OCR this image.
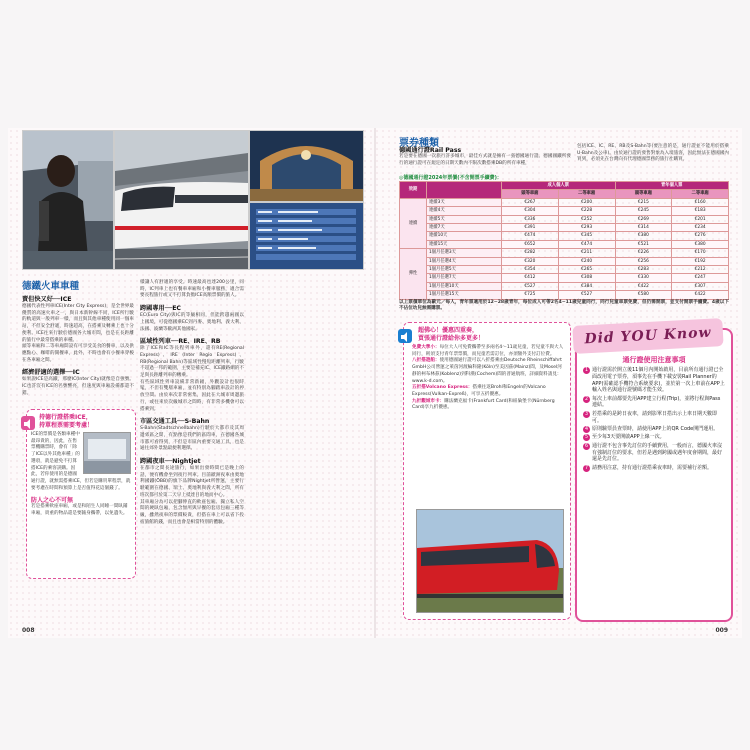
德鐵火車車種
賣但快又好──ICE
德國代表性列車ICE(Inter City Express)，是全世界最優質的高速火車之一，與日本新幹線不同，ICE所行駛的軌道與一般列車一樣，而且與其他車種使用同一個車站，不但安全舒適，時速超高，在搭乘及轉乘上也十分便利。ICE往來行駛於德國各大城市間，也是在長距離的旅行中最常搭乘的車種。
頭等車廂和二等車廂間設有可享受美食的餐車，以及供應點心、咖啡的開餐車，此外，不時也會有小餐車穿梭在各車廂之間。
經濟舒適的選擇──IC
如果說ICE是高鐵，那麼IC(Inter City)就像是自強號。IC也許沒有ICE的名號響亮，但速度與車廂設備都還不錯。
持德行證搭乘ICE，
持單程票需要考慮！
ICE的票價是各類車種中最昂貴的，因此，在售票機購票時，會有「除了ICE以外其他車種」的選項，就是避免不打算搭ICE的乘客誤購。因此，若你使用的是德國通行證，就無需搭乘ICE，但若是購買單程票，就要考慮在時間和預算上是否值得花這個錢了。
防人之心不可無
若是搭乘軟座車廂，或是和陌生人同睡一間臥鋪車廂，貴重的物品還是要隨身攜帶，以免遺失。
樣讓人有舒適的享受。時速最高也達200公里，同時，IC列車上也有餐車車廂和小餐車服務，適合需要長程旅行或又不打算負擔ICE高額票價的旅人。
跨國專用──EC
EC(Euro City)與IC的等級相同，但能跨越兩國以上國境，可從德國乘EC到丹麥、奧地利、義大利、法國、波蘭等歐洲其他國家。
區域性列車──RE、IRE、RB
除了ICE和IC等長程列車外，還有RE(Regional Express)、IRE (Inter Regio Express)、RB(Regional Bahn)等區域性慢短距離列車，行駛不超過一邦的範圍，主要是補充IC、ICE鐵路網的不足與長距離列車的轉乘。
有些區域性列車設備非常新穎，外觀設計也很時髦，不但有雙層車廂，並有特別為腳踏車設計的停放空間。由於車次非常密集，因此在大城市周邊旅行，或往來於次級城市之間時，有非常多機會可以搭乘到。
市區交通工具──S-Bahn
S-Bahn(Stadtschnellbahn)行駛於大都市及其周邊郊區之間，有點像是我們的區間車，在德國各城市都可看得到，不但是市區內重要交通工具，也是通往郊外景點最便利選擇。
跨國夜車──Nightjet
在都市之間長途旅行，如果出發時間已是晚上的話，便有機會坐到夜行列車。目前歐洲夜車由奧地利國鐵(ÖBB)的旗下品牌Nightjet所營運，主要行駛範圍在德國、瑞士、奧地利與義大利之間，所有班次都可於第二天早上抵達目的地而中心。
其車廂分為可以把腳伸直的軟座包廂、獨立私人空間的硬臥包廂，包含無所與早餐的套房包廂三種等級，雖然夜車的票價較貴，但搭在車上可以省下投宿旅館的錢，而且也會是相當特別的體驗。
008
票券種類
德國通行證Rail Pass
若是要在德國一次旅行許多城市，最佳方式就是擁有一張德國通行證。德國國鐵所發行的通行證可在規定的日期天數內不限次數搭乘DB的所有車種，
包括ICE、IC、RE、RB及S-Bahn等(要注意的是，通行證並不能用於搭乘U-Bahn及公車)。由於通行證的發售對象為入境旅客，因此無法在德國國內買到，必須先在台灣向有代理德國票務的旅行社購買。
◎德國通行證2024年票價(不含開票手續費)：
效期		成人個人票		青年個人票	
		頭等車廂	二等車廂	頭等車廂	二等車廂
連續	連續3天	€267	€200	€215	€160
	連續4天	€304	€228	€245	€183
	連續5天	€336	€252	€269	€201
	連續7天	€391	€293	€314	€234
	連續10天	€474	€345	€380	€276
	連續15天	€652	€474	€521	€380
彈性	1個月任選3天	€282	€211	€226	€170
	1個月任選4天	€320	€240	€256	€192
	1個月任選5天	€354	€265	€283	€212
	1個月任選7天	€412	€308	€330	€247
	1個月任選10天	€527	€384	€422	€307
	1個月任選15天	€725	€527	€580	€422
以上票價單位為歐元／每人，青年票適用於12~28歲青年，每位成人可帶2名4~11歲兒童同行，同行兒童車票免費，但仍需開票，並支付開票手續費。4歲以下不佔位幼兒無需購票。
超佛心！優惠四重奏，
買張通行證給你多更多！
免費大學小：每位大人可免費攜帶至多兩名4～11歲兒童，若兒童不與大人同行，則須支付青年票票價，而兒童若需訂位，亦須額外支付訂位費。
八折搭遊船：使用德國通行證可以八折搭乘由Deutsche Rheinschiffahrt GmbH公司營運之萊茵河渡輪科隆(Köln)至美因茲(Mainz)間，及Mosel河靜的柯布林茲(Koblenz)到科漢(Cochem)間的普通航班，詳細資料請見：www.k-d.com。
五折搭Volcano Express：搭乘往返Brohl和Engeln的Volcano Express(Vulkan-Expreß)，可享五折優惠。
九折觀城市卡：購法蘭克福卡(Frankfurt Card)和紐倫堡卡(Nürnberg Card)享九折優惠。
Did YOU Know
通行證使用注意事項
1 通行證需於開立後11個月內開始啟用，目前所有通行證已全面改用電子票券，須事先在手機下載安裝Rail Planner的APP(需確認手機符合系統要求)，並於第一次上車前在APP上輸入姓名與通行證號碼才能生效。
2 每次上車前都要先用APP建立行程(Trip)，並將行程與Pass連結。
3 若搭乘的是跨日夜車，請到影單日搭出示上車日期天數即可。
4 原則驗票員查票時，請使用APP上的QR Code開門運用。
5 至少每3天要開啟APP上線一次。
6 通行證不包含事先訂位的手續費用，一般而言，德國火車沒有強制訂位的要求，但若是遇到跨國或遇年度會期間，最好還是先訂位。
7 請務用注意，持有通行證搭乘夜車時，需要補行差額。
009
